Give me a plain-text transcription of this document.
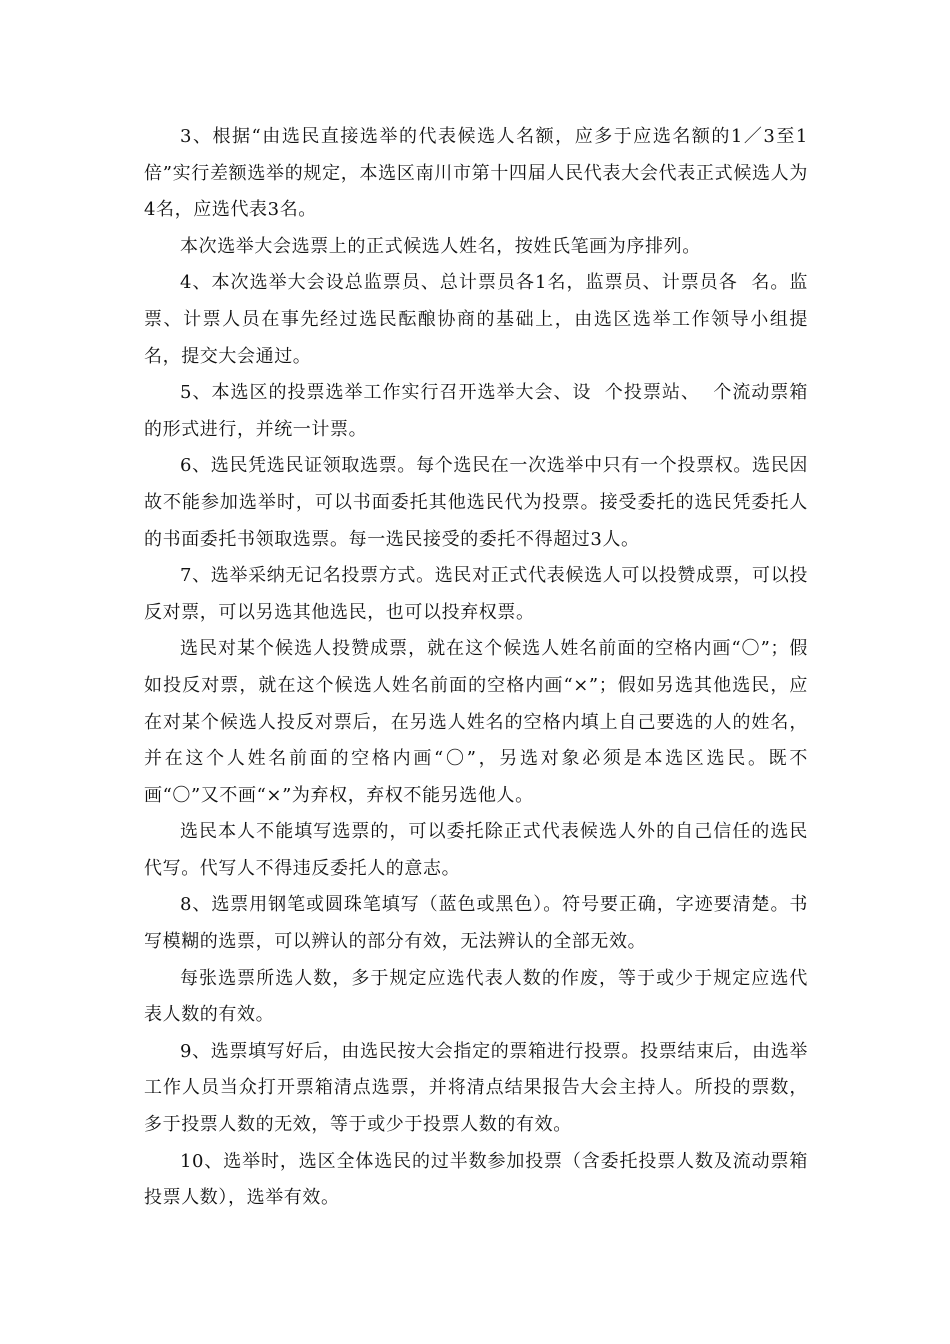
3、根据“由选民直接选举的代表候选人名额，应多于应选名额的1／3至1倍”实行差额选举的规定，本选区南川市第十四届人民代表大会代表正式候选人为4名，应选代表3名。

本次选举大会选票上的正式候选人姓名，按姓氏笔画为序排列。

4、本次选举大会设总监票员、总计票员各1名，监票员、计票员各  名。监票、计票人员在事先经过选民酝酿协商的基础上，由选区选举工作领导小组提名，提交大会通过。

5、本选区的投票选举工作实行召开选举大会、设  个投票站、  个流动票箱的形式进行，并统一计票。

6、选民凭选民证领取选票。每个选民在一次选举中只有一个投票权。选民因故不能参加选举时，可以书面委托其他选民代为投票。接受委托的选民凭委托人的书面委托书领取选票。每一选民接受的委托不得超过3人。

7、选举采纳无记名投票方式。选民对正式代表候选人可以投赞成票，可以投反对票，可以另选其他选民，也可以投弃权票。

选民对某个候选人投赞成票，就在这个候选人姓名前面的空格内画“〇”；假如投反对票，就在这个候选人姓名前面的空格内画“×”；假如另选其他选民，应在对某个候选人投反对票后，在另选人姓名的空格内填上自己要选的人的姓名，并在这个人姓名前面的空格内画“〇”，另选对象必须是本选区选民。既不画“〇”又不画“×”为弃权，弃权不能另选他人。

选民本人不能填写选票的，可以委托除正式代表候选人外的自己信任的选民代写。代写人不得违反委托人的意志。

8、选票用钢笔或圆珠笔填写（蓝色或黑色）。符号要正确，字迹要清楚。书写模糊的选票，可以辨认的部分有效，无法辨认的全部无效。

每张选票所选人数，多于规定应选代表人数的作废，等于或少于规定应选代表人数的有效。

9、选票填写好后，由选民按大会指定的票箱进行投票。投票结束后，由选举工作人员当众打开票箱清点选票，并将清点结果报告大会主持人。所投的票数，多于投票人数的无效，等于或少于投票人数的有效。

10、选举时，选区全体选民的过半数参加投票（含委托投票人数及流动票箱投票人数），选举有效。
